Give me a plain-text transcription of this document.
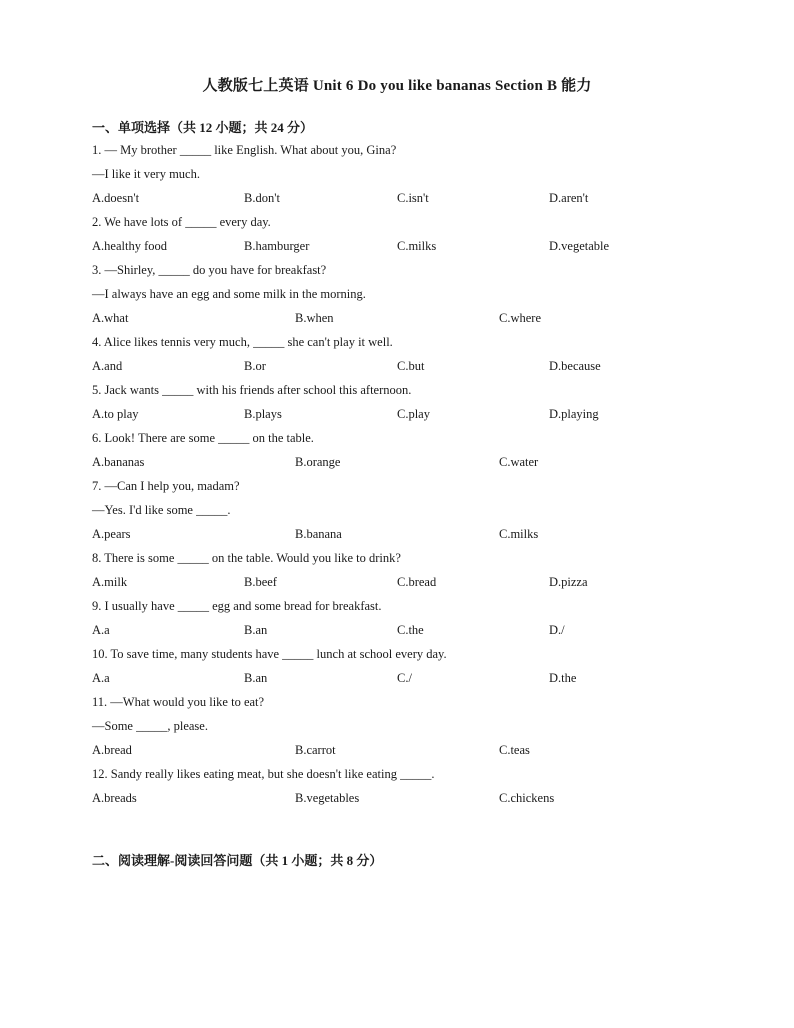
人教版七上英语 Unit 6 Do you like bananas Section B 能力
一、单项选择（共 12 小题；共 24 分）
1. — My brother _____ like English. What about you, Gina?
—I like it very much.
A.doesn't	B.don't	C.isn't	D.aren't
2. We have lots of _____ every day.
A.healthy food	B.hamburger	C.milks	D.vegetable
3. —Shirley, _____ do you have for breakfast?
—I always have an egg and some milk in the morning.
A.what	B.when	C.where
4. Alice likes tennis very much, _____ she can't play it well.
A.and	B.or	C.but	D.because
5. Jack wants _____ with his friends after school this afternoon.
A.to play	B.plays	C.play	D.playing
6. Look! There are some _____ on the table.
A.bananas	B.orange	C.water
7. —Can I help you, madam?
—Yes. I'd like some _____.
A.pears	B.banana	C.milks
8. There is some _____ on the table. Would you like to drink?
A.milk	B.beef	C.bread	D.pizza
9. I usually have _____ egg and some bread for breakfast.
A.a	B.an	C.the	D./
10. To save time, many students have _____ lunch at school every day.
A.a	B.an	C./	D.the
11. —What would you like to eat?
—Some _____, please.
A.bread	B.carrot	C.teas
12. Sandy really likes eating meat, but she doesn't like eating _____.
A.breads	B.vegetables	C.chickens
二、阅读理解-阅读回答问题（共 1 小题；共 8 分）
